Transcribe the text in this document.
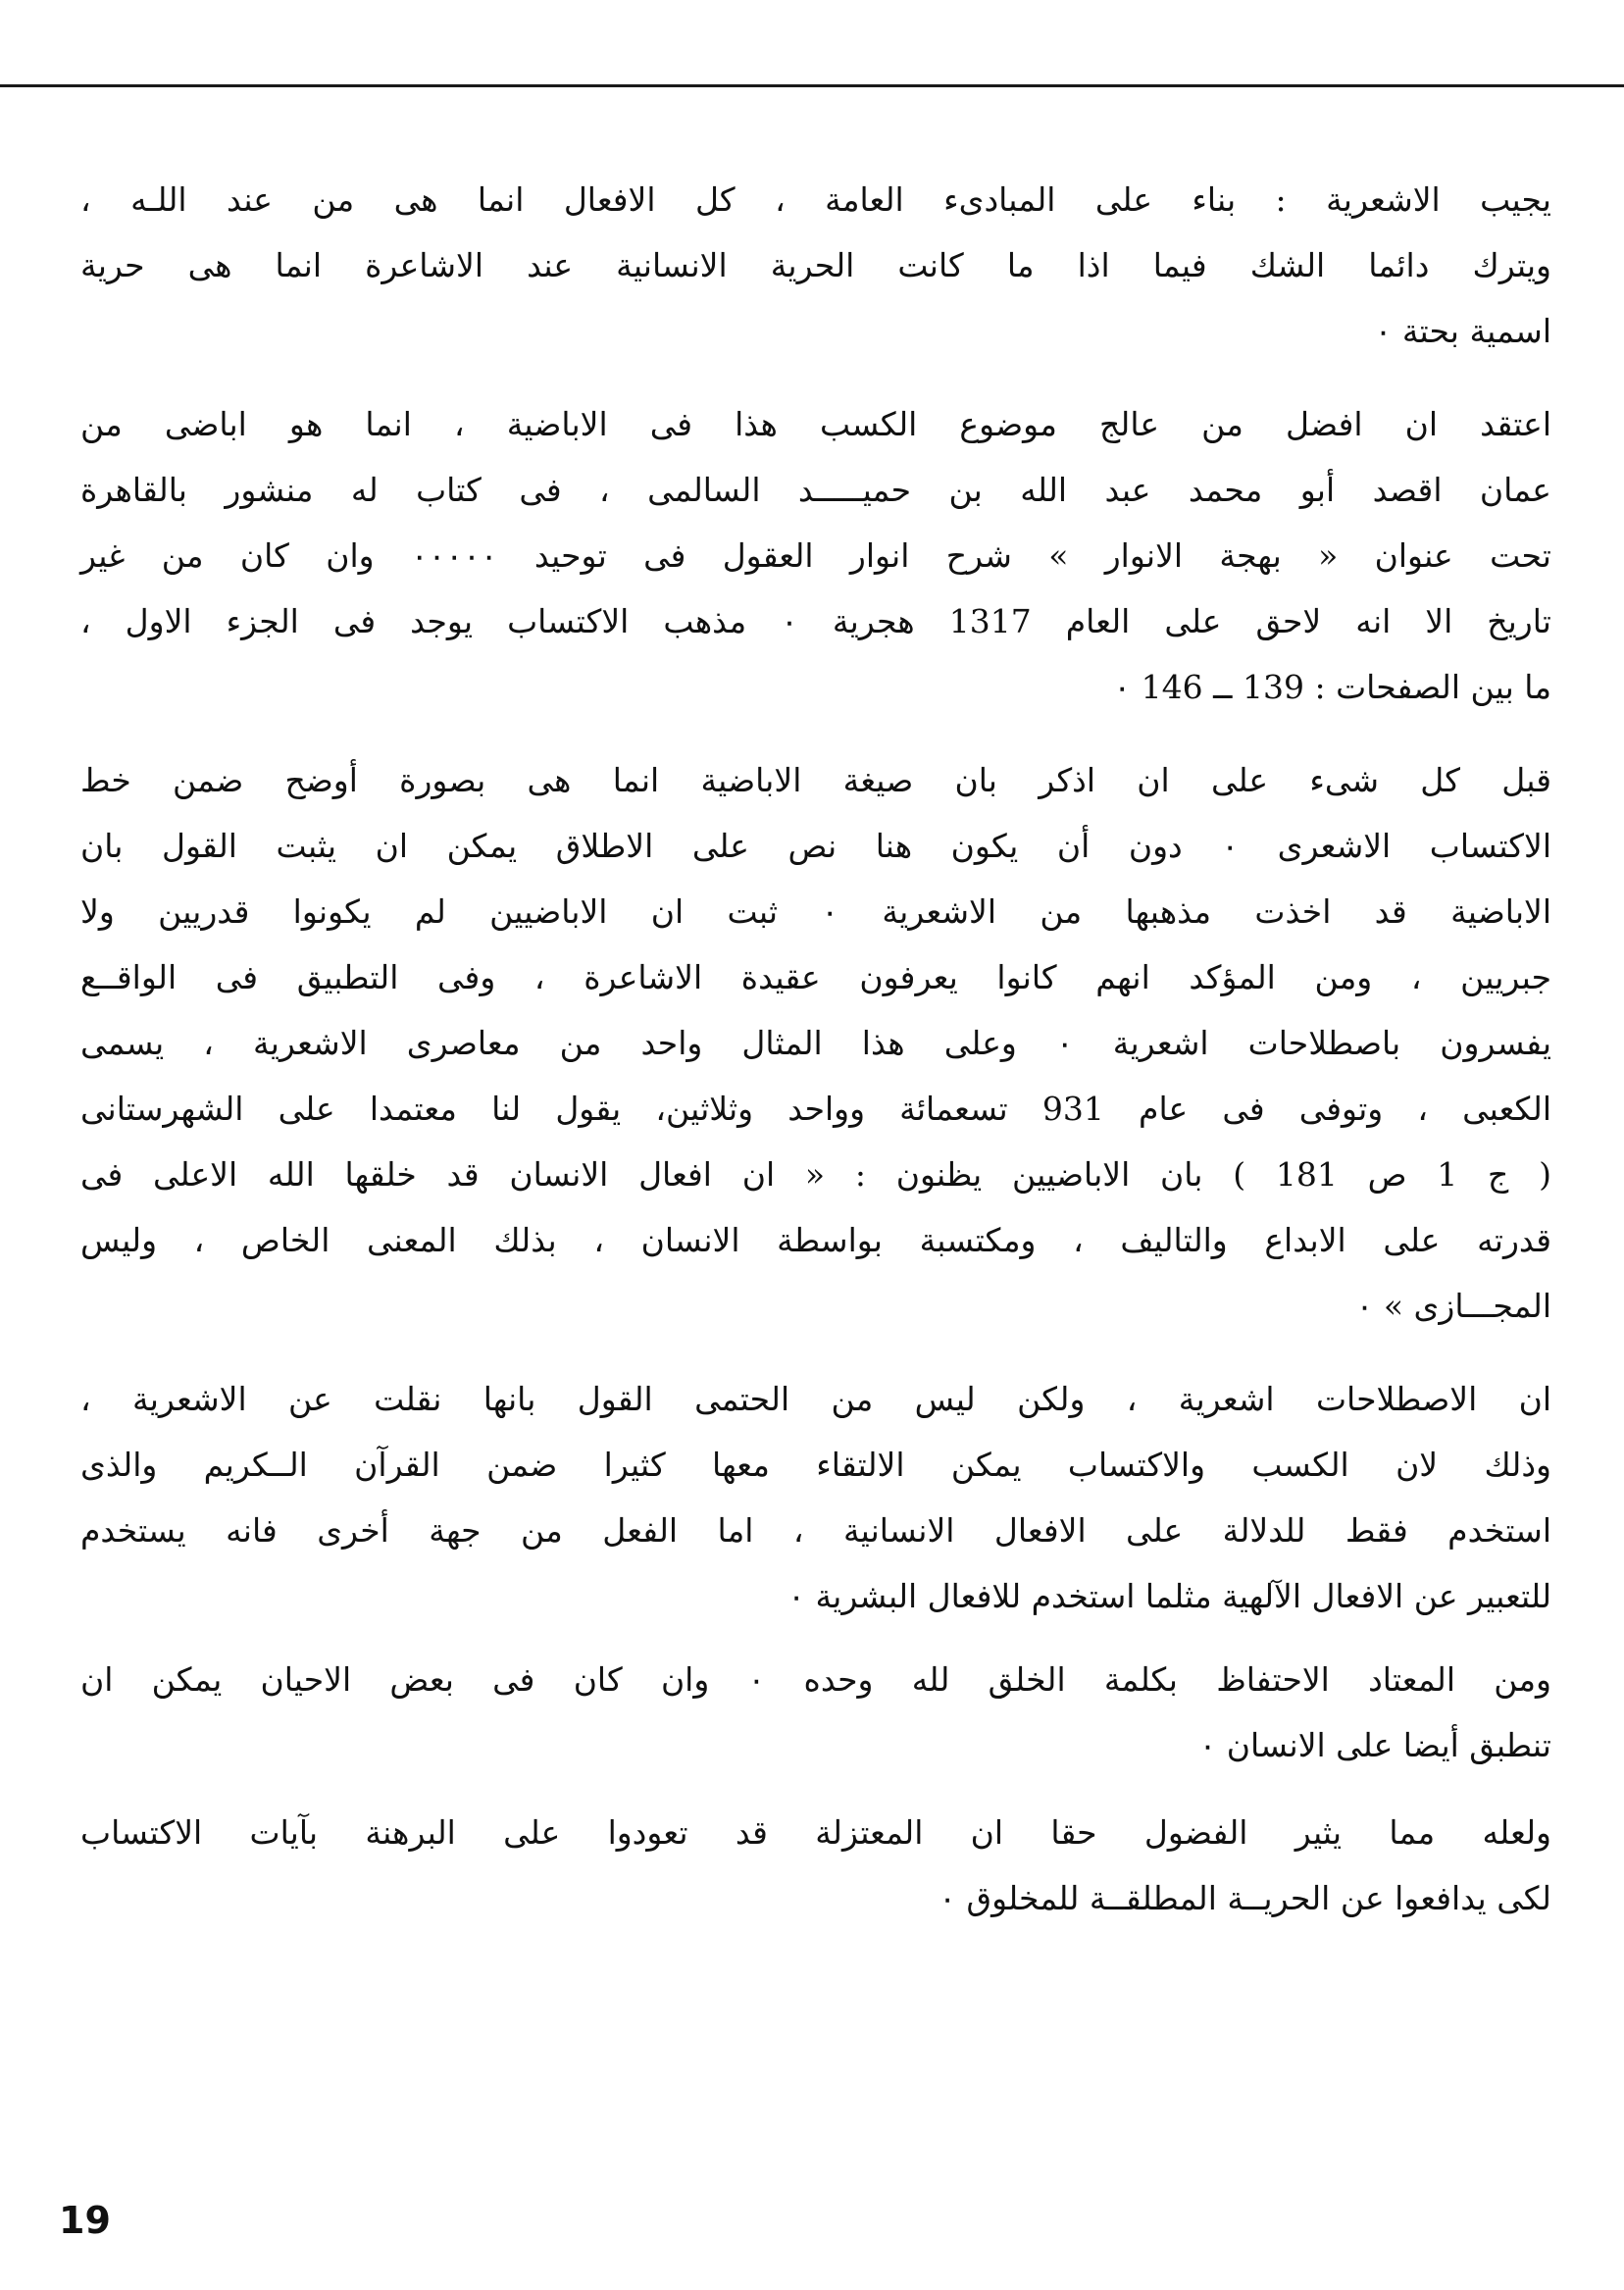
يجيب الاشعرية : بناء على المبادىء العامة ، كل الافعال انما هى من عند اللـه ،
ويترك دائما الشك فيما اذا ما كانت الحرية الانسانية عند الاشاعرة انما هى حرية
اسمية بحتة ٠

اعتقد ان افضل من عالج موضوع الكسب هذا فى الاباضية ، انما هو اباضى من
عمان اقصد أبو محمد عبد الله بن حميـــــد السالمى ، فى كتاب له منشور بالقاهرة
تحت عنوان « بهجة الانوار » شرح انوار العقول فى توحيد ٠٠٠٠٠ وان كان من غير
تاريخ الا انه لاحق على العام 1317 هجرية ٠ مذهب الاكتساب يوجد فى الجزء الاول ،
ما بين الصفحات : 139 ــ 146 ٠

قبل كل شىء على ان اذكر بان صيغة الاباضية انما هى بصورة أوضح ضمن خط
الاكتساب الاشعرى ٠ دون أن يكون هنا نص على الاطلاق يمكن ان يثبت القول بان
الاباضية قد اخذت مذهبها من الاشعرية ٠ ثبت ان الاباضيين لم يكونوا قدريين ولا
جبريين ، ومن المؤكد انهم كانوا يعرفون عقيدة الاشاعرة ، وفى التطبيق فى الواقــع
يفسرون باصطلاحات اشعرية ٠ وعلى هذا المثال واحد من معاصرى الاشعرية ، يسمى
الكعبى ، وتوفى فى عام 931 تسعمائة وواحد وثلاثين، يقول لنا معتمدا على الشهرستانى
( ج 1 ص 181 ) بان الاباضيين يظنون : « ان افعال الانسان قد خلقها الله الاعلى فى
قدرته على الابداع والتاليف ، ومكتسبة بواسطة الانسان ، بذلك المعنى الخاص ، وليس
المجـــازى » ٠

ان الاصطلاحات اشعرية ، ولكن ليس من الحتمى القول بانها نقلت عن الاشعرية ،
وذلك لان الكسب والاكتساب يمكن الالتقاء معها كثيرا ضمن القرآن الــكريم والذى
استخدم فقط للدلالة على الافعال الانسانية ، اما الفعل من جهة أخرى فانه يستخدم
للتعبير عن الافعال الآلهية مثلما استخدم للافعال البشرية ٠

ومن المعتاد الاحتفاظ بكلمة الخلق لله وحده ٠ وان كان فى بعض الاحيان يمكن ان
تنطبق أيضا على الانسان ٠

ولعله مما يثير الفضول حقا ان المعتزلة قد تعودوا على البرهنة بآيات الاكتساب
لكى يدافعوا عن الحريــة المطلقــة للمخلوق ٠

19
